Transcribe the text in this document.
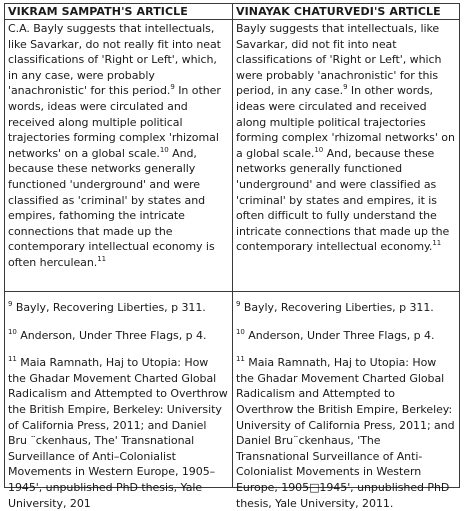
VIKRAM SAMPATH'S ARTICLE	VINAYAK CHATURVEDI'S ARTICLE

C.A. Bayly suggests that intellectuals, like Savarkar, do not really fit into neat classifications of 'Right or Left', which, in any case, were probably 'anachronistic' for this period.$^9$ In other words, ideas were circulated and received along multiple political trajectories forming complex 'rhizomal networks' on a global scale.$^{10}$ And, because these networks generally functioned 'underground' and were classified as 'criminal' by states and empires, fathoming the intricate connections that made up the contemporary intellectual economy is often herculean.$^{11}$

Bayly suggests that intellectuals, like Savarkar, did not fit into neat classifications of 'Right or Left', which were probably 'anachronistic' for this period, in any case.$^9$ In other words, ideas were circulated and received along multiple political trajectories forming complex 'rhizomal networks' on a global scale.$^{10}$ And, because these networks generally functioned 'underground' and were classified as 'criminal' by states and empires, it is often difficult to fully understand the intricate connections that made up the contemporary intellectual economy.$^{11}$

$^9$ Bayly, Recovering Liberties, p 311.

$^{10}$ Anderson, Under Three Flags, p 4.

$^{11}$ Maia Ramnath, Haj to Utopia: How the Ghadar Movement Charted Global Radicalism and Attempted to Overthrow the British Empire, Berkeley: University of California Press, 2011; and Daniel Bru ¨ckenhaus, The' Transnational Surveillance of Anti–Colonialist Movements in Western Europe, 1905–1945', unpublished PhD thesis, Yale University, 201

$^9$ Bayly, Recovering Liberties, p 311.

$^{10}$ Anderson, Under Three Flags, p 4.

$^{11}$ Maia Ramnath, Haj to Utopia: How the Ghadar Movement Charted Global Radicalism and Attempted to Overthrow the British Empire, Berkeley: University of California Press, 2011; and Daniel Bru¨ckenhaus, 'The Transnational Surveillance of Anti-Colonialist Movements in Western Europe, 1905□1945', unpublished PhD thesis, Yale University, 2011.
